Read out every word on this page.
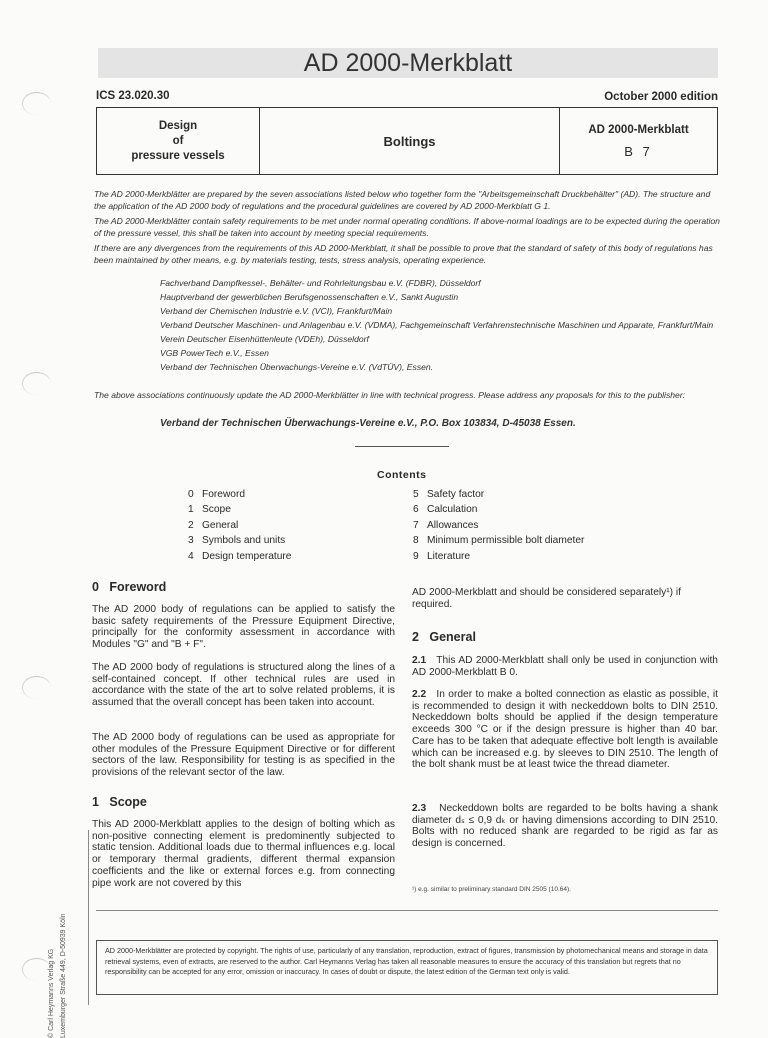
AD 2000-Merkblatt
ICS 23.020.30	October 2000 edition
Design
of
pressure vessels
Boltings
AD 2000-Merkblatt
B 7

The AD 2000-Merkblätter are prepared by the seven associations listed below who together form the "Arbeitsgemeinschaft Druckbehälter" (AD). The structure and the application of the AD 2000 body of regulations and the procedural guidelines are covered by AD 2000-Merkblatt G 1.

The AD 2000-Merkblätter contain safety requirements to be met under normal operating conditions. If above-normal loadings are to be expected during the operation of the pressure vessel, this shall be taken into account by meeting special requirements.

If there are any divergences from the requirements of this AD 2000-Merkblatt, it shall be possible to prove that the standard of safety of this body of regulations has been maintained by other means, e.g. by materials testing, tests, stress analysis, operating experience.

Fachverband Dampfkessel-, Behälter- und Rohrleitungsbau e.V. (FDBR), Düsseldorf
Hauptverband der gewerblichen Berufsgenossenschaften e.V., Sankt Augustin
Verband der Chemischen Industrie e.V. (VCI), Frankfurt/Main
Verband Deutscher Maschinen- und Anlagenbau e.V. (VDMA), Fachgemeinschaft Verfahrenstechnische Maschinen und Apparate, Frankfurt/Main
Verein Deutscher Eisenhüttenleute (VDEh), Düsseldorf
VGB PowerTech e.V., Essen
Verband der Technischen Überwachungs-Vereine e.V. (VdTÜV), Essen.
The above associations continuously update the AD 2000-Merkblätter in line with technical progress. Please address any proposals for this to the publisher:
Verband der Technischen Überwachungs-Vereine e.V., P.O. Box 103834, D-45038 Essen.
Contents
0 Foreword
1 Scope
2 General
3 Symbols and units
4 Design temperature
5 Safety factor
6 Calculation
7 Allowances
8 Minimum permissible bolt diameter
9 Literature
0 Foreword
The AD 2000 body of regulations can be applied to satisfy the basic safety requirements of the Pressure Equipment Directive, principally for the conformity assessment in accordance with Modules "G" and "B + F".
The AD 2000 body of regulations is structured along the lines of a self-contained concept. If other technical rules are used in accordance with the state of the art to solve related problems, it is assumed that the overall concept has been taken into account.
The AD 2000 body of regulations can be used as appropriate for other modules of the Pressure Equipment Directive or for different sectors of the law. Responsibility for testing is as specified in the provisions of the relevant sector of the law.
1 Scope
This AD 2000-Merkblatt applies to the design of bolting which as non-positive connecting element is predominently subjected to static tension. Additional loads due to thermal influences e.g. local or temporary thermal gradients, different thermal expansion coefficients and the like or external forces e.g. from connecting pipe work are not covered by this
AD 2000-Merkblatt and should be considered separately¹) if required.
2 General
2.1 This AD 2000-Merkblatt shall only be used in conjunction with AD 2000-Merkblatt B 0.
2.2 In order to make a bolted connection as elastic as possible, it is recommended to design it with neckeddown bolts to DIN 2510. Neckeddown bolts should be applied if the design temperature exceeds 300 °C or if the design pressure is higher than 40 bar. Care has to be taken that adequate effective bolt length is available which can be increased e.g. by sleeves to DIN 2510. The length of the bolt shank must be at least twice the thread diameter.
2.3 Neckeddown bolts are regarded to be bolts having a shank diameter dₛ ≤ 0,9 dₖ or having dimensions according to DIN 2510. Bolts with no reduced shank are regarded to be rigid as far as design is concerned.
¹) e.g. similar to preliminary standard DIN 2505 (10.64).
© Carl Heymanns Verlag KG Luxemburger Straße 449, D-50939 Köln	AD 2000-Merkblätter are protected by copyright. The rights of use, particularly of any translation, reproduction, extract of figures, transmission by photomechanical means and storage in data retrieval systems, even of extracts, are reserved to the author. Carl Heymanns Verlag has taken all reasonable measures to ensure the accuracy of this translation but regrets that no responsibility can be accepted for any error, omission or inaccuracy. In cases of doubt or dispute, the latest edition of the German text only is valid.
